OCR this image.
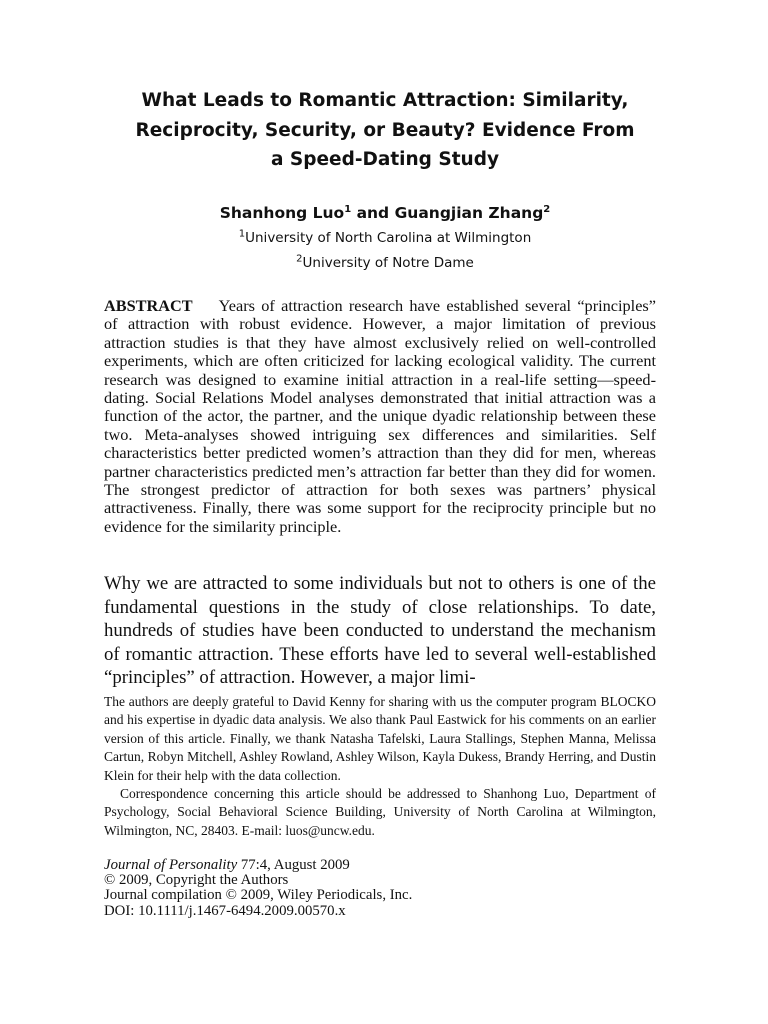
What Leads to Romantic Attraction: Similarity,
Reciprocity, Security, or Beauty? Evidence From
a Speed-Dating Study
Shanhong Luo$^1$ and Guangjian Zhang$^2$
$^1$University of North Carolina at Wilmington
$^2$University of Notre Dame

ABSTRACT Years of attraction research have established several “principles” of attraction with robust evidence. However, a major limitation of previous attraction studies is that they have almost exclusively relied on well-controlled experiments, which are often criticized for lacking ecological validity. The current research was designed to examine initial attraction in a real-life setting—speed-dating. Social Relations Model analyses demonstrated that initial attraction was a function of the actor, the partner, and the unique dyadic relationship between these two. Meta-analyses showed intriguing sex differences and similarities. Self characteristics better predicted women’s attraction than they did for men, whereas partner characteristics predicted men’s attraction far better than they did for women. The strongest predictor of attraction for both sexes was partners’ physical attractiveness. Finally, there was some support for the reciprocity principle but no evidence for the similarity principle.

Why we are attracted to some individuals but not to others is one of the fundamental questions in the study of close relationships. To date, hundreds of studies have been conducted to understand the mechanism of romantic attraction. These efforts have led to several well-established “principles” of attraction. However, a major limi-

The authors are deeply grateful to David Kenny for sharing with us the computer program BLOCKO and his expertise in dyadic data analysis. We also thank Paul Eastwick for his comments on an earlier version of this article. Finally, we thank Natasha Tafelski, Laura Stallings, Stephen Manna, Melissa Cartun, Robyn Mitchell, Ashley Rowland, Ashley Wilson, Kayla Dukess, Brandy Herring, and Dustin Klein for their help with the data collection.

Correspondence concerning this article should be addressed to Shanhong Luo, Department of Psychology, Social Behavioral Science Building, University of North Carolina at Wilmington, Wilmington, NC, 28403. E-mail: luos@uncw.edu.

Journal of Personality 77:4, August 2009
© 2009, Copyright the Authors
Journal compilation © 2009, Wiley Periodicals, Inc.
DOI: 10.1111/j.1467-6494.2009.00570.x
